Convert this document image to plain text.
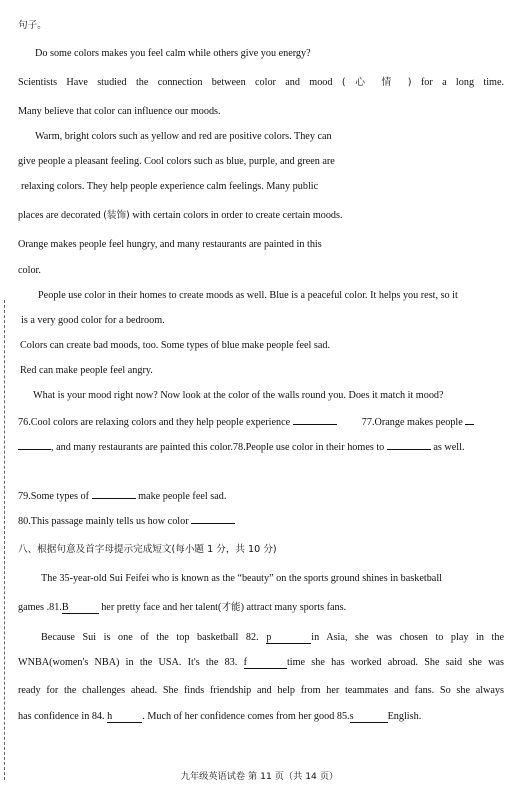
句子。
Do some colors makes you feel calm while others give you energy?
Scientists Have studied the connection between color and mood ( 心 情 ) for a long time.
Many believe that color can influence our moods.
Warm, bright colors such as yellow and red are positive colors. They can
give people a pleasant feeling. Cool colors such as blue, purple, and green are
relaxing colors. They help people experience calm feelings. Many public
places are decorated (装饰) with certain colors in order to create certain moods.
Orange makes people feel hungry, and many restaurants are painted in this
color.
People use color in their homes to create moods as well. Blue is a peaceful color. It helps you rest, so it
is a very good color for a bedroom.
Colors can create bad moods, too. Some types of blue make people feel sad.
Red can make people feel angry.
What is your mood right now? Now look at the color of the walls round you. Does it match it mood?
76.Cool colors are relaxing colors and they help people experience	77.Orange makes people
, and many restaurants are painted this color.78.People use color in their homes to	as well.
79.Some types of	make people feel sad.
80.This passage mainly tells us how color
八、根据句意及首字母提示完成短文(每小题 1 分，共 10 分)
The 35-year-old Sui Feifei who is known as the “beauty” on the sports ground shines in basketball
games .81.B	her pretty face and her talent(才能) attract many sports fans.
Because Sui is one of the top basketball 82. p	in Asia, she was chosen to play in the
WNBA(women's NBA) in the USA. It's the 83. f	time she has worked abroad. She said she was
ready for the challenges ahead. She finds friendship and help from her teammates and fans. So she always
has confidence in 84. h	. Much of her confidence comes from her good 85.s	English.
九年级英语试卷 第 11 页（共 14 页）
